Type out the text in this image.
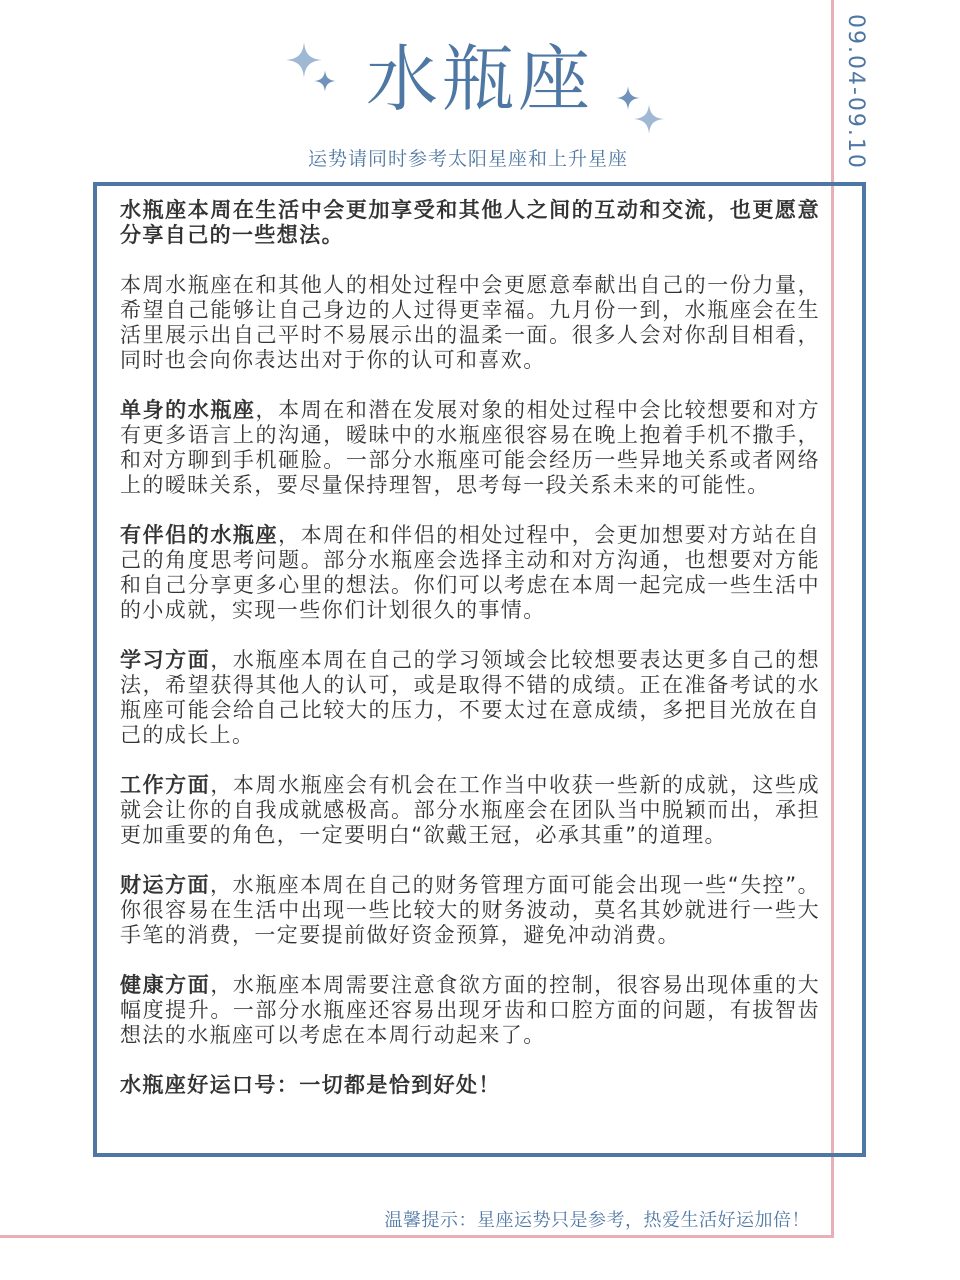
09.04-09.10
水瓶座
运势请同时参考太阳星座和上升星座

水瓶座本周在生活中会更加享受和其他人之间的互动和交流，也更愿意分享自己的一些想法。

本周水瓶座在和其他人的相处过程中会更愿意奉献出自己的一份力量，希望自己能够让自己身边的人过得更幸福。九月份一到，水瓶座会在生活里展示出自己平时不易展示出的温柔一面。很多人会对你刮目相看，同时也会向你表达出对于你的认可和喜欢。

单身的水瓶座，本周在和潜在发展对象的相处过程中会比较想要和对方有更多语言上的沟通，暧昧中的水瓶座很容易在晚上抱着手机不撒手，和对方聊到手机砸脸。一部分水瓶座可能会经历一些异地关系或者网络上的暧昧关系，要尽量保持理智，思考每一段关系未来的可能性。

有伴侣的水瓶座，本周在和伴侣的相处过程中，会更加想要对方站在自己的角度思考问题。部分水瓶座会选择主动和对方沟通，也想要对方能和自己分享更多心里的想法。你们可以考虑在本周一起完成一些生活中的小成就，实现一些你们计划很久的事情。

学习方面，水瓶座本周在自己的学习领域会比较想要表达更多自己的想法，希望获得其他人的认可，或是取得不错的成绩。正在准备考试的水瓶座可能会给自己比较大的压力，不要太过在意成绩，多把目光放在自己的成长上。

工作方面，本周水瓶座会有机会在工作当中收获一些新的成就，这些成就会让你的自我成就感极高。部分水瓶座会在团队当中脱颖而出，承担更加重要的角色，一定要明白“欲戴王冠，必承其重”的道理。

财运方面，水瓶座本周在自己的财务管理方面可能会出现一些“失控”。你很容易在生活中出现一些比较大的财务波动，莫名其妙就进行一些大手笔的消费，一定要提前做好资金预算，避免冲动消费。

健康方面，水瓶座本周需要注意食欲方面的控制，很容易出现体重的大幅度提升。一部分水瓶座还容易出现牙齿和口腔方面的问题，有拔智齿想法的水瓶座可以考虑在本周行动起来了。

水瓶座好运口号：一切都是恰到好处！

温馨提示：星座运势只是参考，热爱生活好运加倍！
